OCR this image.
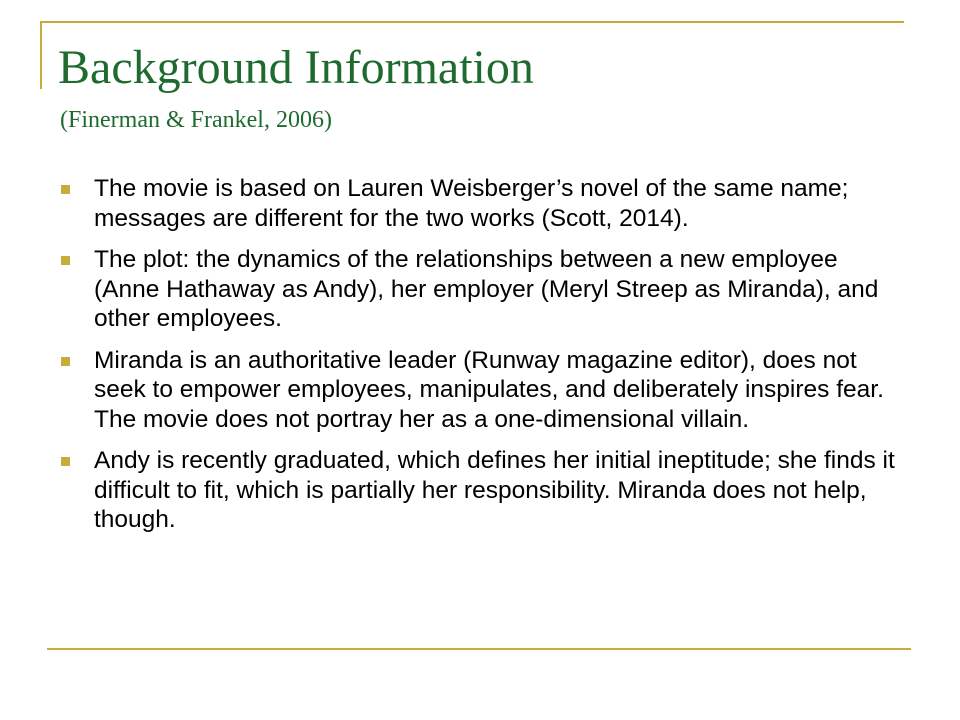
Background Information
(Finerman & Frankel, 2006)
The movie is based on Lauren Weisberger’s novel of the same name; messages are different for the two works (Scott, 2014).
The plot: the dynamics of the relationships between a new employee (Anne Hathaway as Andy), her employer (Meryl Streep as Miranda), and other employees.
Miranda is an authoritative leader (Runway magazine editor), does not seek to empower employees, manipulates, and deliberately inspires fear. The movie does not portray her as a one-dimensional villain.
Andy is recently graduated, which defines her initial ineptitude; she finds it difficult to fit, which is partially her responsibility. Miranda does not help, though.
